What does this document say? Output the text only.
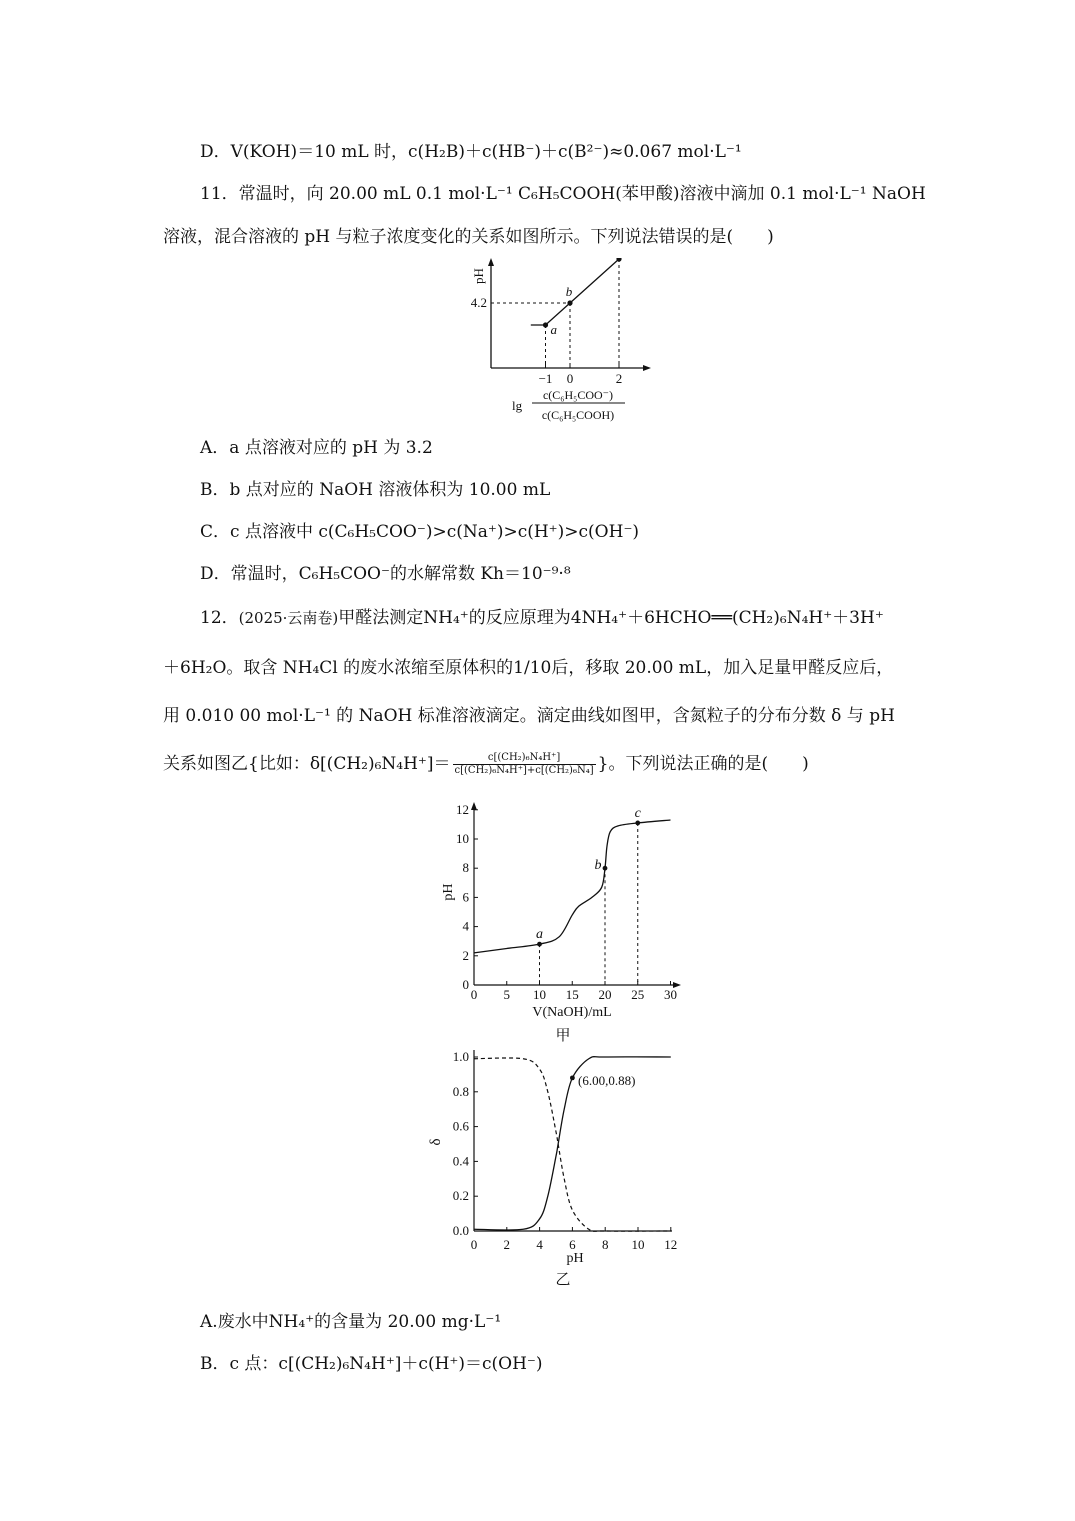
D．V(KOH)＝10 mL 时，c(H₂B)＋c(HB⁻)＋c(B²⁻)≈0.067 mol·L⁻¹
11．常温时，向 20.00 mL 0.1 mol·L⁻¹ C₆H₅COOH(苯甲酸)溶液中滴加 0.1 mol·L⁻¹ NaOH
溶液，混合溶液的 pH 与粒子浓度变化的关系如图所示。下列说法错误的是(　　)
a
b
pH
4.2
−1 0	2
lg
c(C₆H₅COO⁻)
c(C₆H₅COOH)
A．a 点溶液对应的 pH 为 3.2
B．b 点对应的 NaOH 溶液体积为 10.00 mL
C．c 点溶液中 c(C₆H₅COO⁻)>c(Na⁺)>c(H⁺)>c(OH⁻)
D．常温时，C₆H₅COO⁻的水解常数 Kh＝10⁻⁹·⁸
12．(2025·云南卷)甲醛法测定NH₄⁺的反应原理为4NH₄⁺＋6HCHO══(CH₂)₆N₄H⁺＋3H⁺
＋6H₂O。取含 NH₄Cl 的废水浓缩至原体积的1/10后，移取 20.00 mL，加入足量甲醛反应后，
用 0.010 00 mol·L⁻¹ 的 NaOH 标准溶液滴定。滴定曲线如图甲，含氮粒子的分布分数 δ 与 pH
关系如图乙{比如：$\delta[(CH_2)_6N_4H^+]= \frac{\text{c[(CH₂)₆N₄H⁺]}}{\text{c[(CH₂)₆N₄H⁺]+c[(CH₂)₆N₄]}}$ }。下列说法正确的是(　　)
0 5 10 15 20 25 30
0
2
4
6
8
10
12
a
b
c
pH
V(NaOH)/mL
甲
0 2 4 6 8 10 12
0.0
0.2
0.4
0.6
0.8
1.0
δ
pH
乙
(6.00,0.88)
A.废水中NH₄⁺的含量为 20.00 mg·L⁻¹
B．c 点：c[(CH₂)₆N₄H⁺]＋c(H⁺)＝c(OH⁻)
